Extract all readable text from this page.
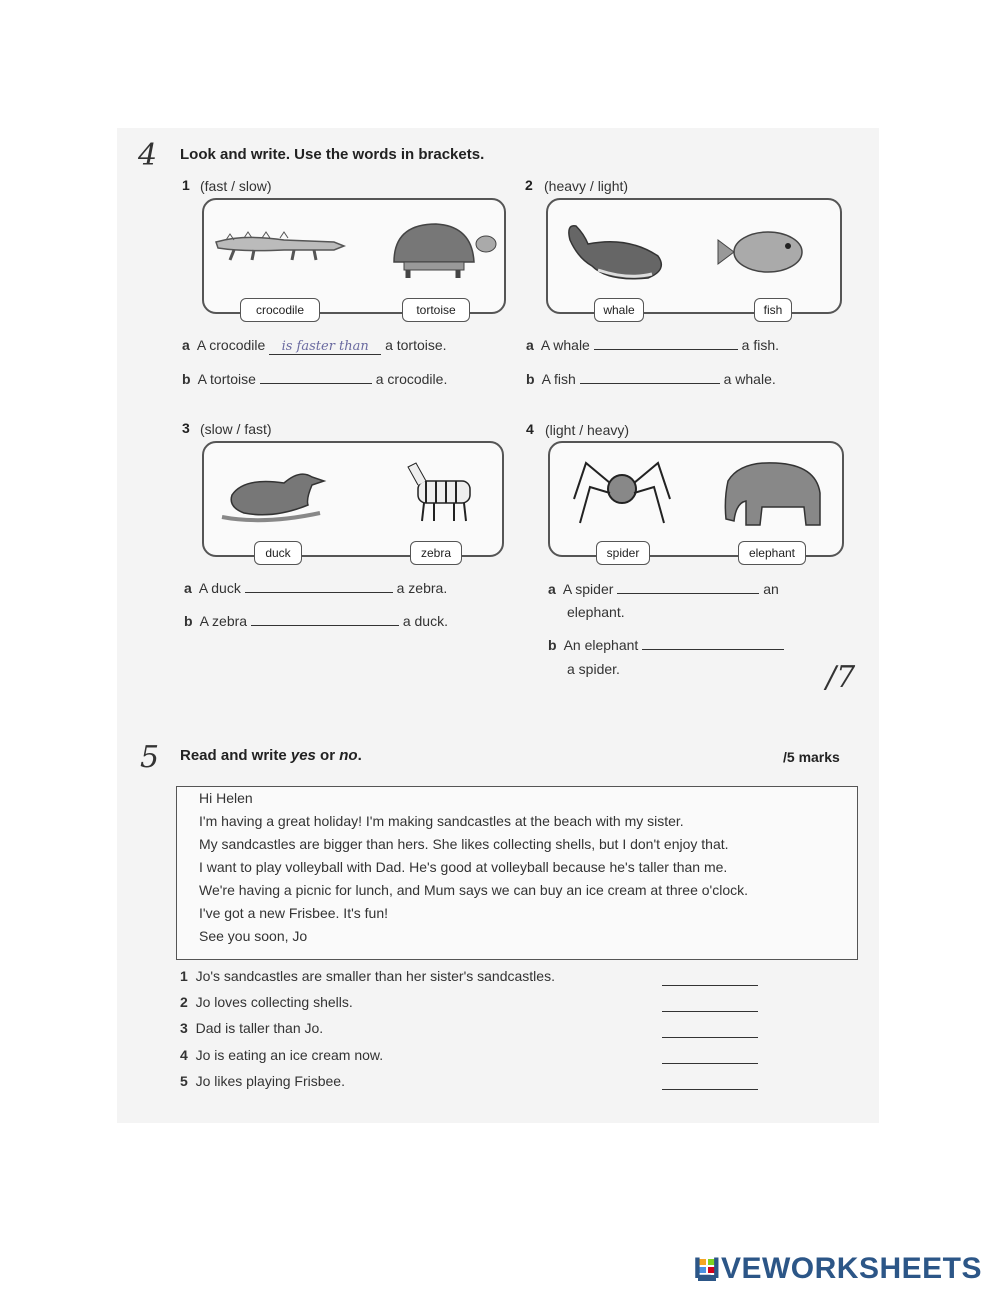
4 Look and write. Use the words in brackets.
1 (fast / slow)
crocodile	tortoise
a A crocodile is faster than a tortoise.
b A tortoise	a crocodile.
2 (heavy / light)
whale	fish
a A whale	a fish.
b A fish	a whale.
3 (slow / fast)
duck	zebra
a A duck	a zebra.
b A zebra	a duck.
4 (light / heavy)
spider	elephant
a A spider	an
elephant.
b An elephant
a spider.	/7
5 Read and write yes or no.	/5 marks
Hi Helen
I'm having a great holiday! I'm making sandcastles at the beach with my sister.
My sandcastles are bigger than hers. She likes collecting shells, but I don't enjoy that.
I want to play volleyball with Dad. He's good at volleyball because he's taller than me.
We're having a picnic for lunch, and Mum says we can buy an ice cream at three o'clock.
I've got a new Frisbee. It's fun!
See you soon, Jo
1 Jo's sandcastles are smaller than her sister's sandcastles.
2 Jo loves collecting shells.
3 Dad is taller than Jo.
4 Jo is eating an ice cream now.
5 Jo likes playing Frisbee.
LIVEWORKSHEETS
